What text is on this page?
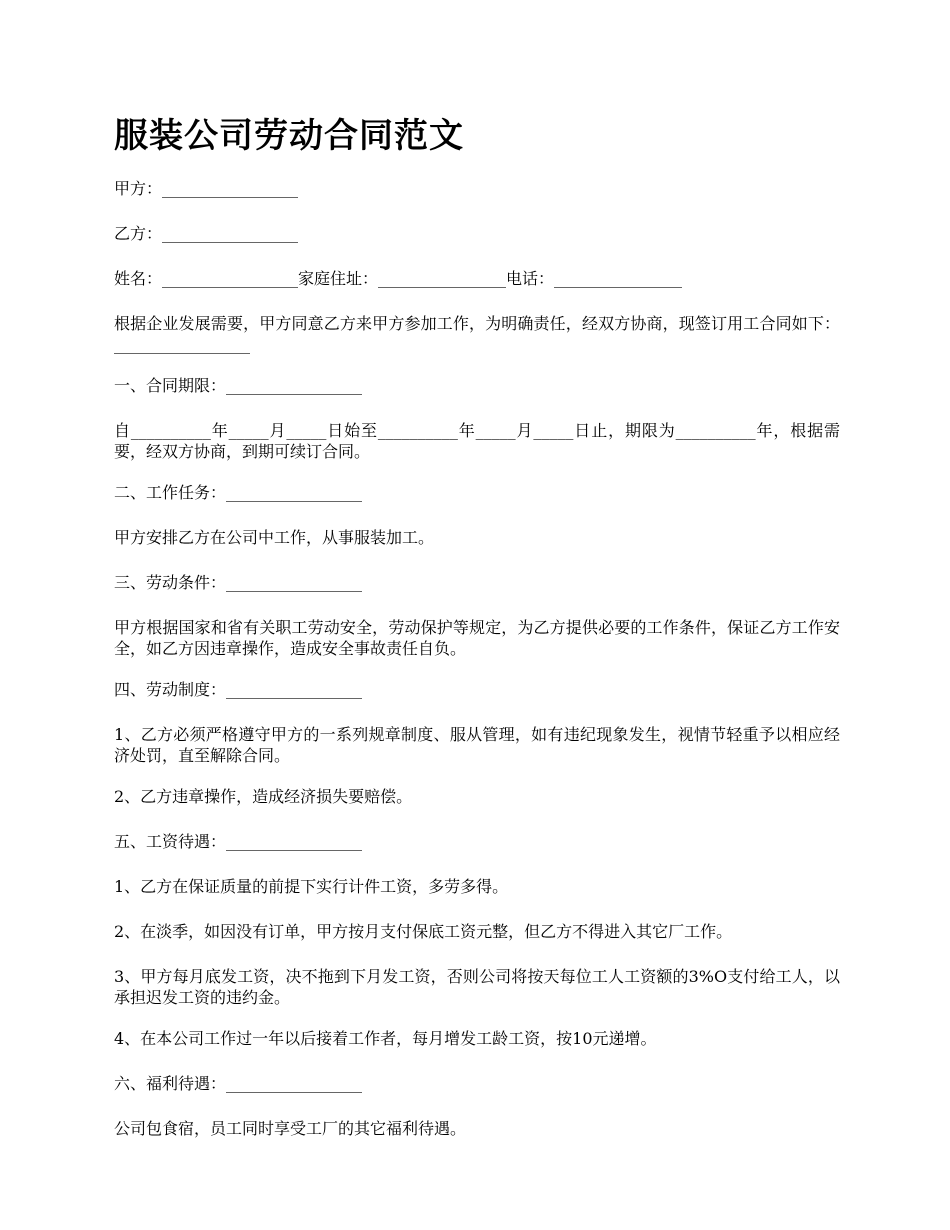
服装公司劳动合同范文

甲方：_________________

乙方：_________________

姓名：_________________家庭住址：________________电话：________________

根据企业发展需要，甲方同意乙方来甲方参加工作，为明确责任，经双方协商，现签订用工合同如下：_________________

一、合同期限：_________________

自__________年_____月_____日始至__________年_____月_____日止，期限为__________年，根据需要，经双方协商，到期可续订合同。

二、工作任务：_________________

甲方安排乙方在公司中工作，从事服装加工。

三、劳动条件：_________________

甲方根据国家和省有关职工劳动安全，劳动保护等规定，为乙方提供必要的工作条件，保证乙方工作安全，如乙方因违章操作，造成安全事故责任自负。

四、劳动制度：_________________

1、乙方必须严格遵守甲方的一系列规章制度、服从管理，如有违纪现象发生，视情节轻重予以相应经济处罚，直至解除合同。

2、乙方违章操作，造成经济损失要赔偿。

五、工资待遇：_________________

1、乙方在保证质量的前提下实行计件工资，多劳多得。

2、在淡季，如因没有订单，甲方按月支付保底工资元整，但乙方不得进入其它厂工作。

3、甲方每月底发工资，决不拖到下月发工资，否则公司将按天每位工人工资额的3%O支付给工人，以承担迟发工资的违约金。

4、在本公司工作过一年以后接着工作者，每月增发工龄工资，按10元递增。

六、福利待遇：_________________

公司包食宿，员工同时享受工厂的其它福利待遇。
